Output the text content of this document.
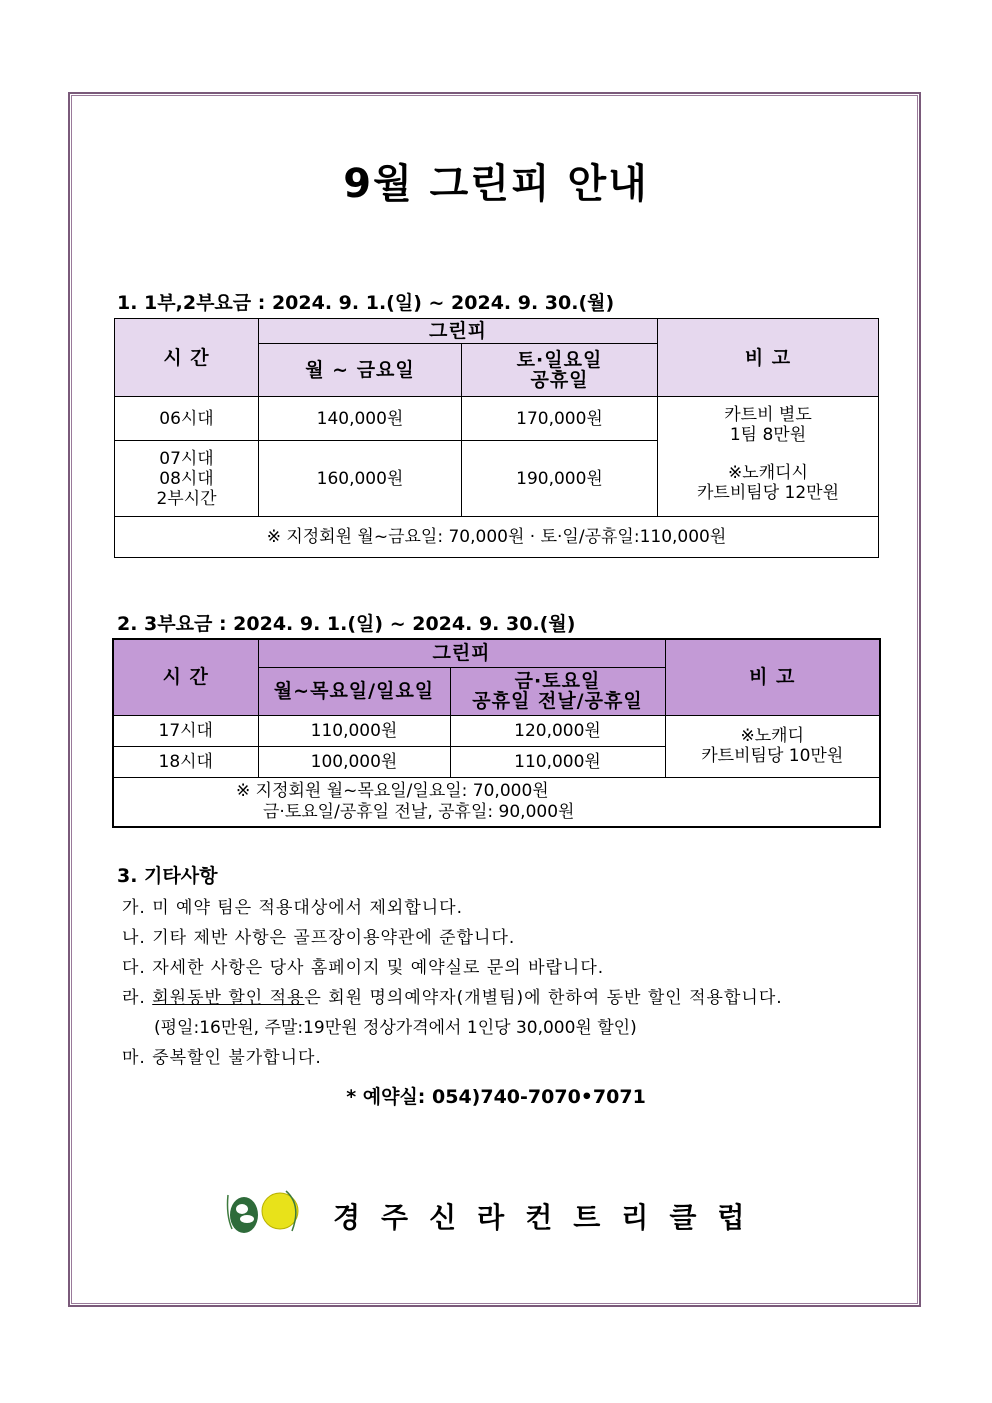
9월 그린피 안내
1. 1부,2부요금 : 2024. 9. 1.(일) ~ 2024. 9. 30.(월)
시 간	그린피		비 고
	월 ~ 금요일	토·일요일
공휴일	

06시대	140,000원	170,000원	카트비 별도
1팀 8만원
※노캐디시
카트비팀당 12만원

07시대
08시대
2부시간	160,000원	190,000원	
※ 지정회원 월~금요일: 70,000원 · 토·일/공휴일:110,000원			
2. 3부요금 : 2024. 9. 1.(일) ~ 2024. 9. 30.(월)
시 간	그린피		비 고
	월~목요일/일요일	금·토요일
공휴일 전날/공휴일	

17시대	110,000원	120,000원	※노캐디
카트비팀당 10만원

18시대	100,000원	110,000원	

※ 지정회원 월~목요일/일요일: 70,000원
금·토요일/공휴일 전날, 공휴일: 90,000원			
3. 기타사항
가. 미 예약 팀은 적용대상에서 제외합니다.
나. 기타 제반 사항은 골프장이용약관에 준합니다.
다. 자세한 사항은 당사 홈페이지 및 예약실로 문의 바랍니다.
라. 회원동반 할인 적용은 회원 명의예약자(개별팀)에 한하여 동반 할인 적용합니다.
(평일:16만원, 주말:19만원 정상가격에서 1인당 30,000원 할인)
마. 중복할인 불가합니다.
* 예약실: 054)740-7070•7071
경주신라컨트리클럽
